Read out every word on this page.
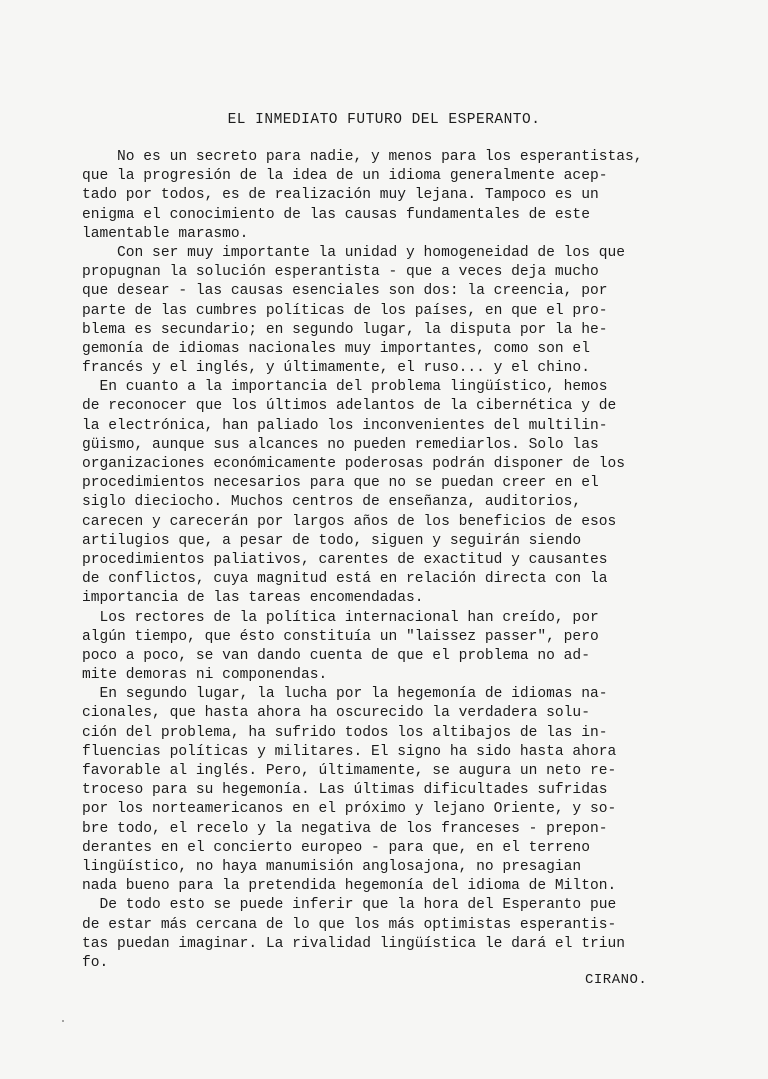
EL INMEDIATO FUTURO DEL ESPERANTO.
No es un secreto para nadie, y menos para los esperantistas,
que la progresión de la idea de un idioma generalmente acep-
tado por todos, es de realización muy lejana. Tampoco es un
enigma el conocimiento de las causas fundamentales de este
lamentable marasmo.
Con ser muy importante la unidad y homogeneidad de los que
propugnan la solución esperantista - que a veces deja mucho
que desear - las causas esenciales son dos: la creencia, por
parte de las cumbres políticas de los países, en que el pro-
blema es secundario; en segundo lugar, la disputa por la he-
gemonía de idiomas nacionales muy importantes, como son el
francés y el inglés, y últimamente, el ruso... y el chino.
En cuanto a la importancia del problema lingüístico, hemos
de reconocer que los últimos adelantos de la cibernética y de
la electrónica, han paliado los inconvenientes del multilin-
güismo, aunque sus alcances no pueden remediarlos. Solo las
organizaciones económicamente poderosas podrán disponer de los
procedimientos necesarios para que no se puedan creer en el
siglo dieciocho. Muchos centros de enseñanza, auditorios,
carecen y carecerán por largos años de los beneficios de esos
artilugios que, a pesar de todo, siguen y seguirán siendo
procedimientos paliativos, carentes de exactitud y causantes
de conflictos, cuya magnitud está en relación directa con la
importancia de las tareas encomendadas.
Los rectores de la política internacional han creído, por
algún tiempo, que ésto constituía un "laissez passer", pero
poco a poco, se van dando cuenta de que el problema no ad-
mite demoras ni componendas.
En segundo lugar, la lucha por la hegemonía de idiomas na-
cionales, que hasta ahora ha oscurecido la verdadera solu-
ción del problema, ha sufrido todos los altibajos de las in-
fluencias políticas y militares. El signo ha sido hasta ahora
favorable al inglés. Pero, últimamente, se augura un neto re-
troceso para su hegemonía. Las últimas dificultades sufridas
por los norteamericanos en el próximo y lejano Oriente, y so-
bre todo, el recelo y la negativa de los franceses - prepon-
derantes en el concierto europeo - para que, en el terreno
lingüístico, no haya manumisión anglosajona, no presagian
nada bueno para la pretendida hegemonía del idioma de Milton.
De todo esto se puede inferir que la hora del Esperanto pue
de estar más cercana de lo que los más optimistas esperantis-
tas puedan imaginar. La rivalidad lingüística le dará el triun
fo.
CIRANO.
